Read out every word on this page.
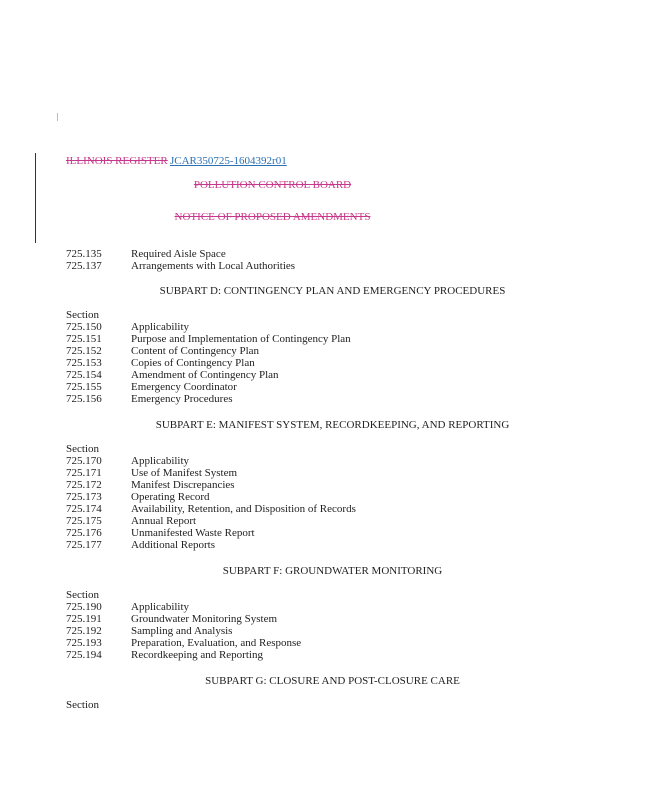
ILLINOIS REGISTER JCAR350725-1604392r01
POLLUTION CONTROL BOARD
NOTICE OF PROPOSED AMENDMENTS
725.135	Required Aisle Space
725.137	Arrangements with Local Authorities
SUBPART D: CONTINGENCY PLAN AND EMERGENCY PROCEDURES
Section
725.150	Applicability
725.151	Purpose and Implementation of Contingency Plan
725.152	Content of Contingency Plan
725.153	Copies of Contingency Plan
725.154	Amendment of Contingency Plan
725.155	Emergency Coordinator
725.156	Emergency Procedures
SUBPART E: MANIFEST SYSTEM, RECORDKEEPING, AND REPORTING
Section
725.170	Applicability
725.171	Use of Manifest System
725.172	Manifest Discrepancies
725.173	Operating Record
725.174	Availability, Retention, and Disposition of Records
725.175	Annual Report
725.176	Unmanifested Waste Report
725.177	Additional Reports
SUBPART F: GROUNDWATER MONITORING
Section
725.190	Applicability
725.191	Groundwater Monitoring System
725.192	Sampling and Analysis
725.193	Preparation, Evaluation, and Response
725.194	Recordkeeping and Reporting
SUBPART G: CLOSURE AND POST-CLOSURE CARE
Section
